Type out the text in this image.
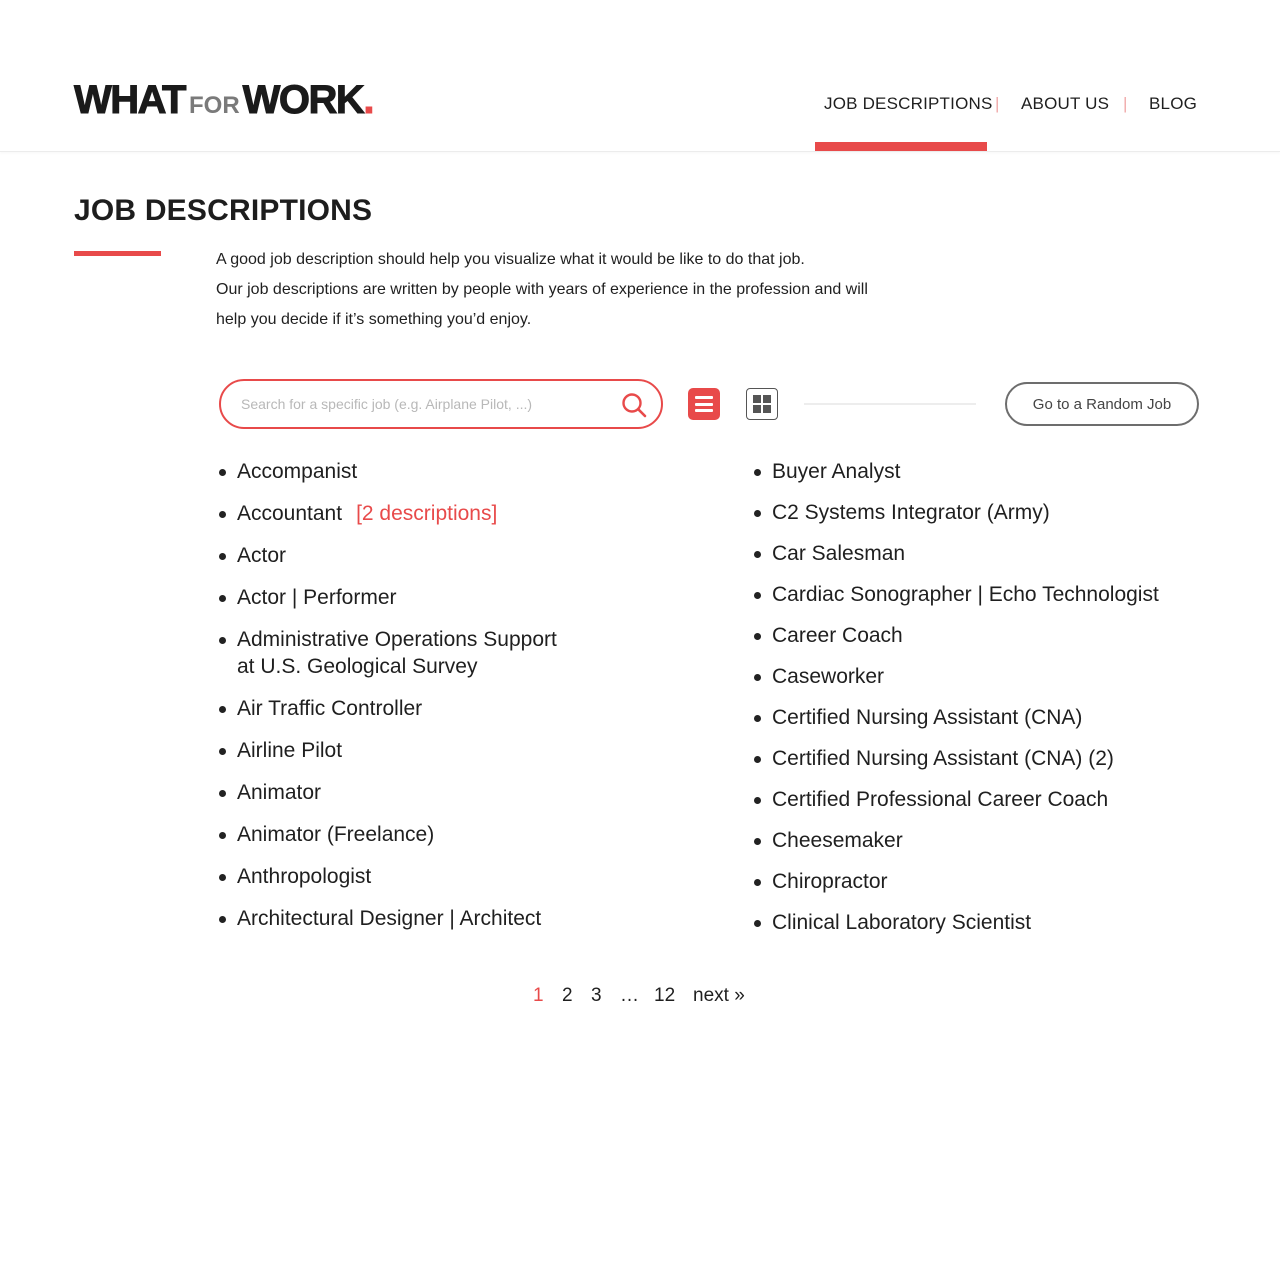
WHAT FORWORK.	JOB DESCRIPTIONS | ABOUT US | BLOG
JOB DESCRIPTIONS

A good job description should help you visualize what it would be like to do that job.

Our job descriptions are written by people with years of experience in the profession and will

help you decide if it’s something you’d enjoy.

Search for a specific job (e.g. Airplane Pilot, ...)
Go to a Random Job
Accompanist
Accountant [2 descriptions]
Actor
Actor | Performer
Administrative Operations Support
at U.S. Geological Survey
Air Traffic Controller
Airline Pilot
Animator
Animator (Freelance)
Anthropologist
Architectural Designer | Architect
Buyer Analyst
C2 Systems Integrator (Army)
Car Salesman
Cardiac Sonographer | Echo Technologist
Career Coach
Caseworker
Certified Nursing Assistant (CNA)
Certified Nursing Assistant (CNA) (2)
Certified Professional Career Coach
Cheesemaker
Chiropractor
Clinical Laboratory Scientist
1 2 3 … 12 next »
